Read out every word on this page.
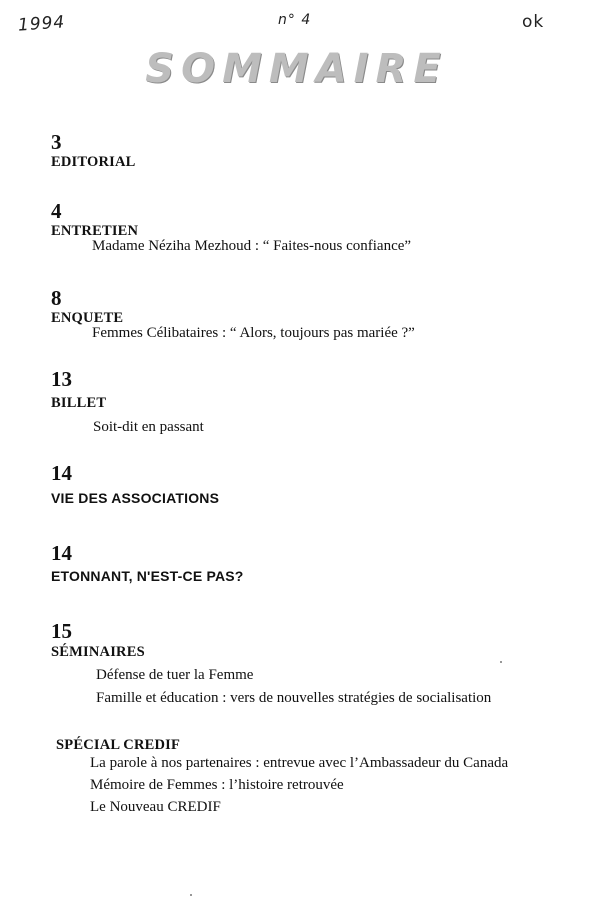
1994	n° 4	ok
SOMMAIRE
3
EDITORIAL
4
ENTRETIEN
Madame Néziha Mezhoud : “ Faites-nous confiance”
8
ENQUETE
Femmes Célibataires : “ Alors, toujours pas mariée ?”
13
BILLET
Soit-dit en passant
14
VIE DES ASSOCIATIONS
14
ETONNANT, N'EST-CE PAS?
15
SÉMINAIRES
Défense de tuer la Femme
Famille et éducation : vers de nouvelles stratégies de socialisation
SPÉCIAL CREDIF
La parole à nos partenaires : entrevue avec l’Ambassadeur du Canada
Mémoire de Femmes : l’histoire retrouvée
Le Nouveau CREDIF
